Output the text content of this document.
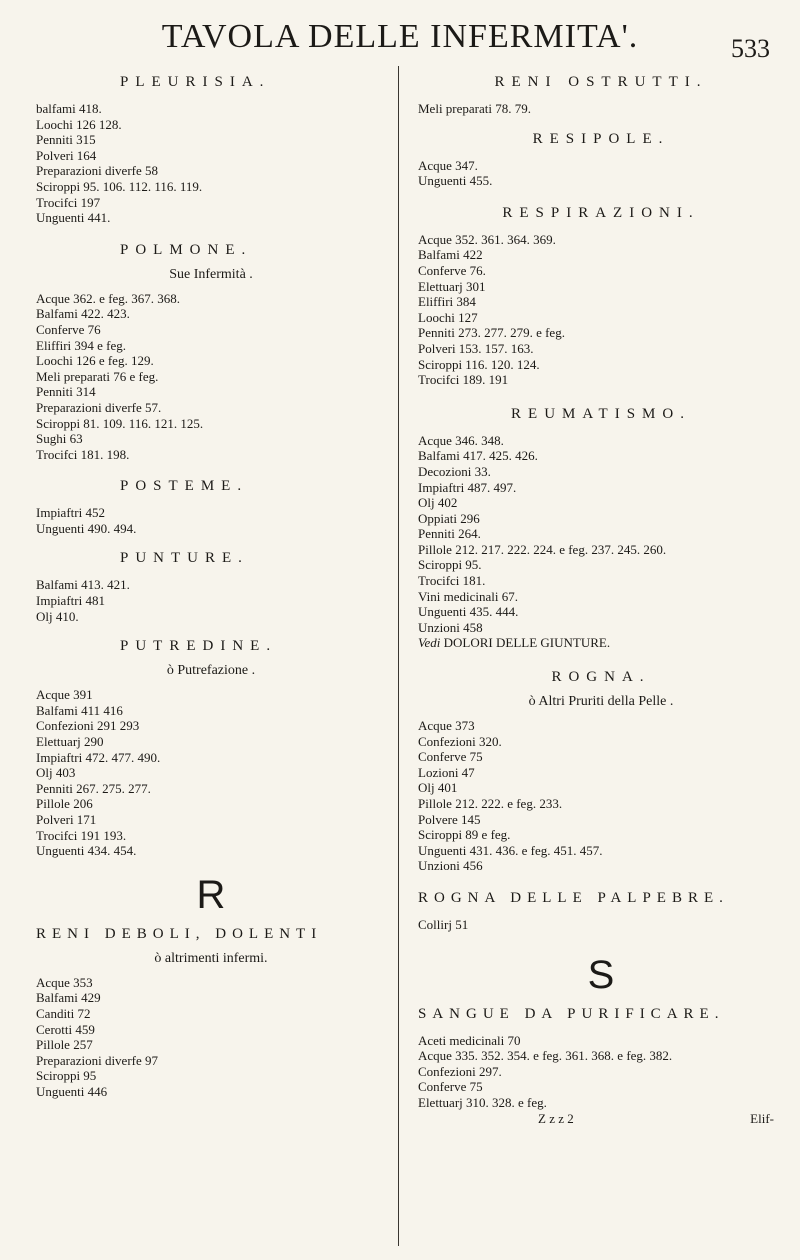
TAVOLA DELLE INFERMITA'.	533
PLEURISIA.

balfami 418.

Loochi 126 128.

Penniti 315

Polveri 164

Preparazioni diverfe 58

Sciroppi 95. 106. 112. 116. 119.

Trocifci 197

Unguenti 441.

POLMONE.
Sue Infermità .

Acque 362. e feg. 367. 368.

Balfami 422. 423.

Conferve 76

Eliffiri 394 e feg.

Loochi 126 e feg. 129.

Meli preparati 76 e feg.

Penniti 314

Preparazioni diverfe 57.

Sciroppi 81. 109. 116. 121. 125.

Sughi 63

Trocifci 181. 198.

POSTEME.

Impiaftri 452

Unguenti 490. 494.

PUNTURE.

Balfami 413. 421.

Impiaftri 481

Olj 410.

PUTREDINE.
ò Putrefazione .

Acque 391

Balfami 411 416

Confezioni 291 293

Elettuarj 290

Impiaftri 472. 477. 490.

Olj 403

Penniti 267. 275. 277.

Pillole 206

Polveri 171

Trocifci 191 193.

Unguenti 434. 454.

R
RENI DEBOLI, DOLENTI
ò altrimenti infermi.

Acque 353

Balfami 429

Canditi 72

Cerotti 459

Pillole 257

Preparazioni diverfe 97

Sciroppi 95

Unguenti 446

RENI OSTRUTTI.

Meli preparati 78. 79.

RESIPOLE.

Acque 347.

Unguenti 455.

RESPIRAZIONI.

Acque 352. 361. 364. 369.

Balfami 422

Conferve 76.

Elettuarj 301

Eliffiri 384

Loochi 127

Penniti 273. 277. 279. e feg.

Polveri 153. 157. 163.

Sciroppi 116. 120. 124.

Trocifci 189. 191

REUMATISMO.

Acque 346. 348.

Balfami 417. 425. 426.

Decozioni 33.

Impiaftri 487. 497.

Olj 402

Oppiati 296

Penniti 264.

Pillole 212. 217. 222. 224. e feg. 237. 245. 260.

Sciroppi 95.

Trocifci 181.

Vini medicinali 67.

Unguenti 435. 444.

Unzioni 458

Vedi DOLORI DELLE GIUNTURE.

ROGNA.
ò Altri Pruriti della Pelle .

Acque 373

Confezioni 320.

Conferve 75

Lozioni 47

Olj 401

Pillole 212. 222. e feg. 233.

Polvere 145

Sciroppi 89 e feg.

Unguenti 431. 436. e feg. 451. 457.

Unzioni 456

ROGNA DELLE PALPEBRE.

Collirj 51

S
SANGUE DA PURIFICARE.

Aceti medicinali 70

Acque 335. 352. 354. e feg. 361. 368. e feg. 382.

Confezioni 297.

Conferve 75

Elettuarj 310. 328. e feg.

Z z z 2	Elif-
